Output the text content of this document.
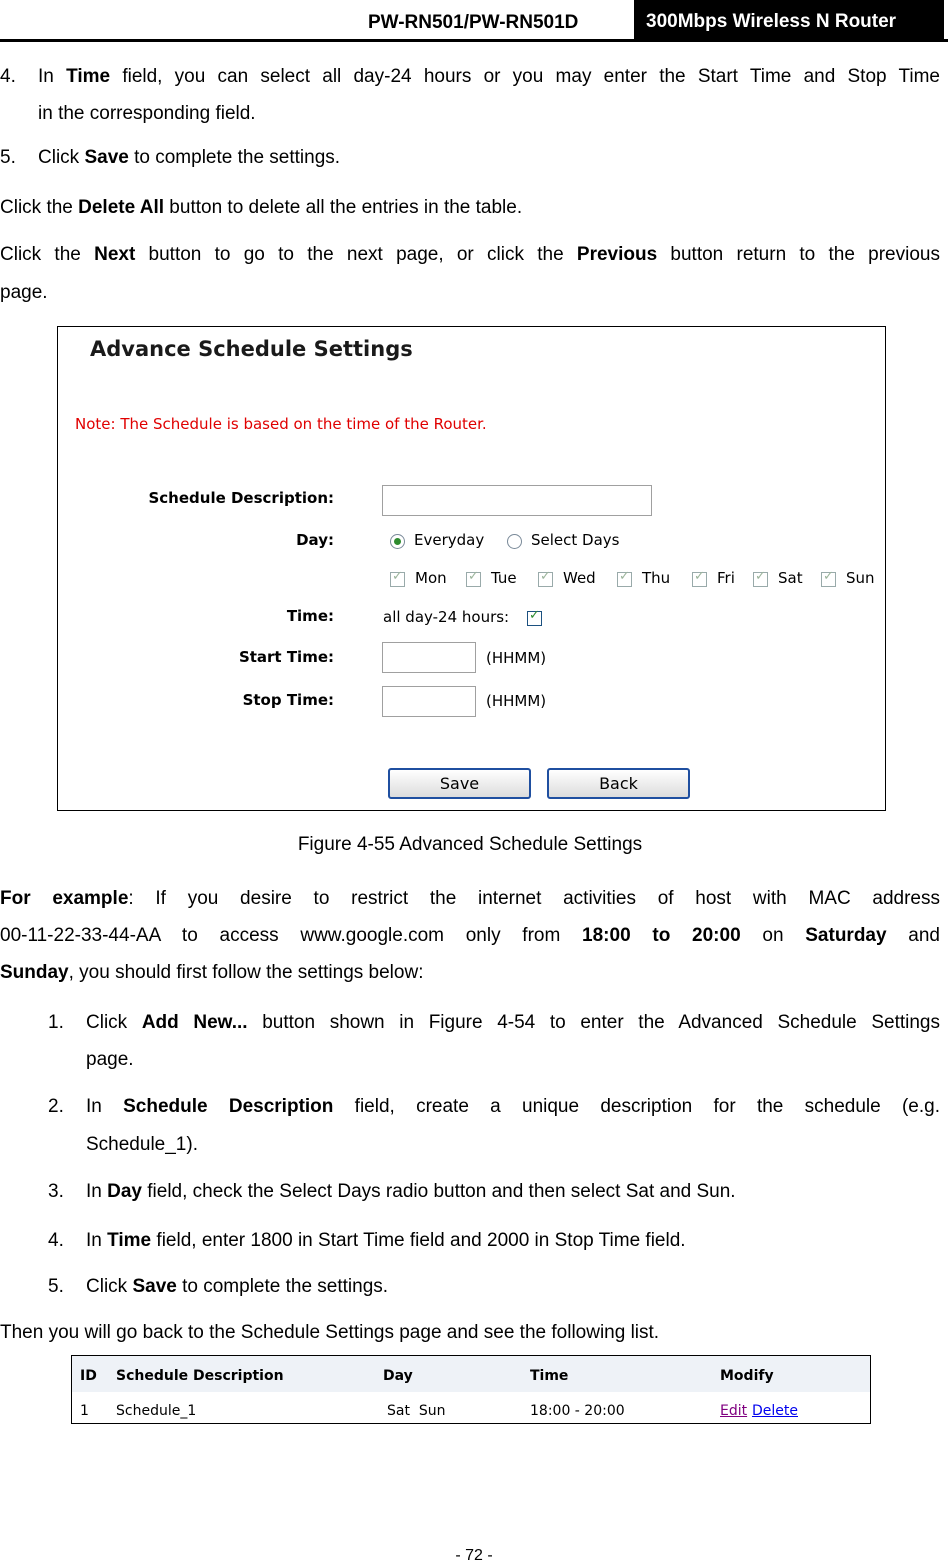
PW-RN501/PW-RN501D	300Mbps Wireless N Router
4. In Time field, you can select all day-24 hours or you may enter the Start Time and Stop Time
in the corresponding field.
5. Click Save to complete the settings.
Click the Delete All button to delete all the entries in the table.
Click the Next button to go to the next page, or click the Previous button return to the previous
page.
Advance Schedule Settings
Note: The Schedule is based on the time of the Router.
Schedule Description:
Day:	Everyday	Select Days
✓ Mon ✓ Tue ✓ Wed ✓ Thu ✓ Fri ✓ Sat ✓ Sun
Time:	all day-24 hours: ✓
Start Time:	(HHMM)
Stop Time:	(HHMM)
Save	Back
Figure 4-55 Advanced Schedule Settings
For example: If you desire to restrict the internet activities of host with MAC address
00-11-22-33-44-AA to access www.google.com only from 18:00 to 20:00 on Saturday and
Sunday, you should first follow the settings below:
1. Click Add New... button shown in Figure 4-54 to enter the Advanced Schedule Settings
page.
2. In Schedule Description field, create a unique description for the schedule (e.g.
Schedule_1).
3. In Day field, check the Select Days radio button and then select Sat and Sun.
4. In Time field, enter 1800 in Start Time field and 2000 in Stop Time field.
5. Click Save to complete the settings.
Then you will go back to the Schedule Settings page and see the following list.
ID Schedule Description	Day	Time	Modify
1 Schedule_1	Sat  Sun	18:00 - 20:00	Edit Delete
- 72 -
